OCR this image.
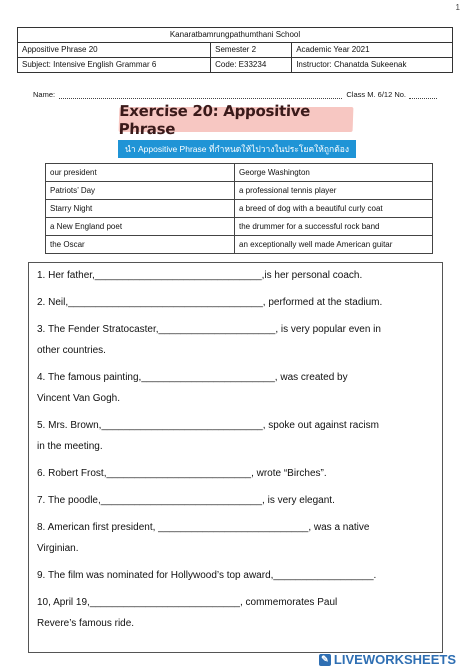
1
Kanaratbamrungpathumthani School		
Appositive Phrase 20	Semester 2	Academic Year 2021
Subject: Intensive English Grammar 6	Code: E33234	Instructor: Chanatda Sukeenak
Name:	Class M. 6/12 No.
Exercise 20: Appositive Phrase
นำ Appositive Phrase ที่กำหนดให้ไปวางในประโยคให้ถูกต้อง
our president	George Washington
Patriots’ Day	a professional tennis player
Starry Night	a breed of dog with a beautiful curly coat
a New England poet	the drummer for a successful rock band
the Oscar	an exceptionally well made American guitar
1. Her father,______________________________,is her personal coach.
2. Neil,___________________________________, performed at the stadium.
3. The Fender Stratocaster,_____________________, is very popular even in
other countries.
4. The famous painting,________________________, was created by
Vincent Van Gogh.
5. Mrs. Brown,_____________________________, spoke out against racism
in the meeting.
6. Robert Frost,__________________________, wrote “Birches”.
7. The poodle,_____________________________, is very elegant.
8. American first president, ___________________________, was a native
Virginian.
9. The film was nominated for Hollywood’s top award,__________________.
10, April 19,___________________________, commemorates Paul
Revere’s famous ride.
✎ LIVEWORKSHEETS
